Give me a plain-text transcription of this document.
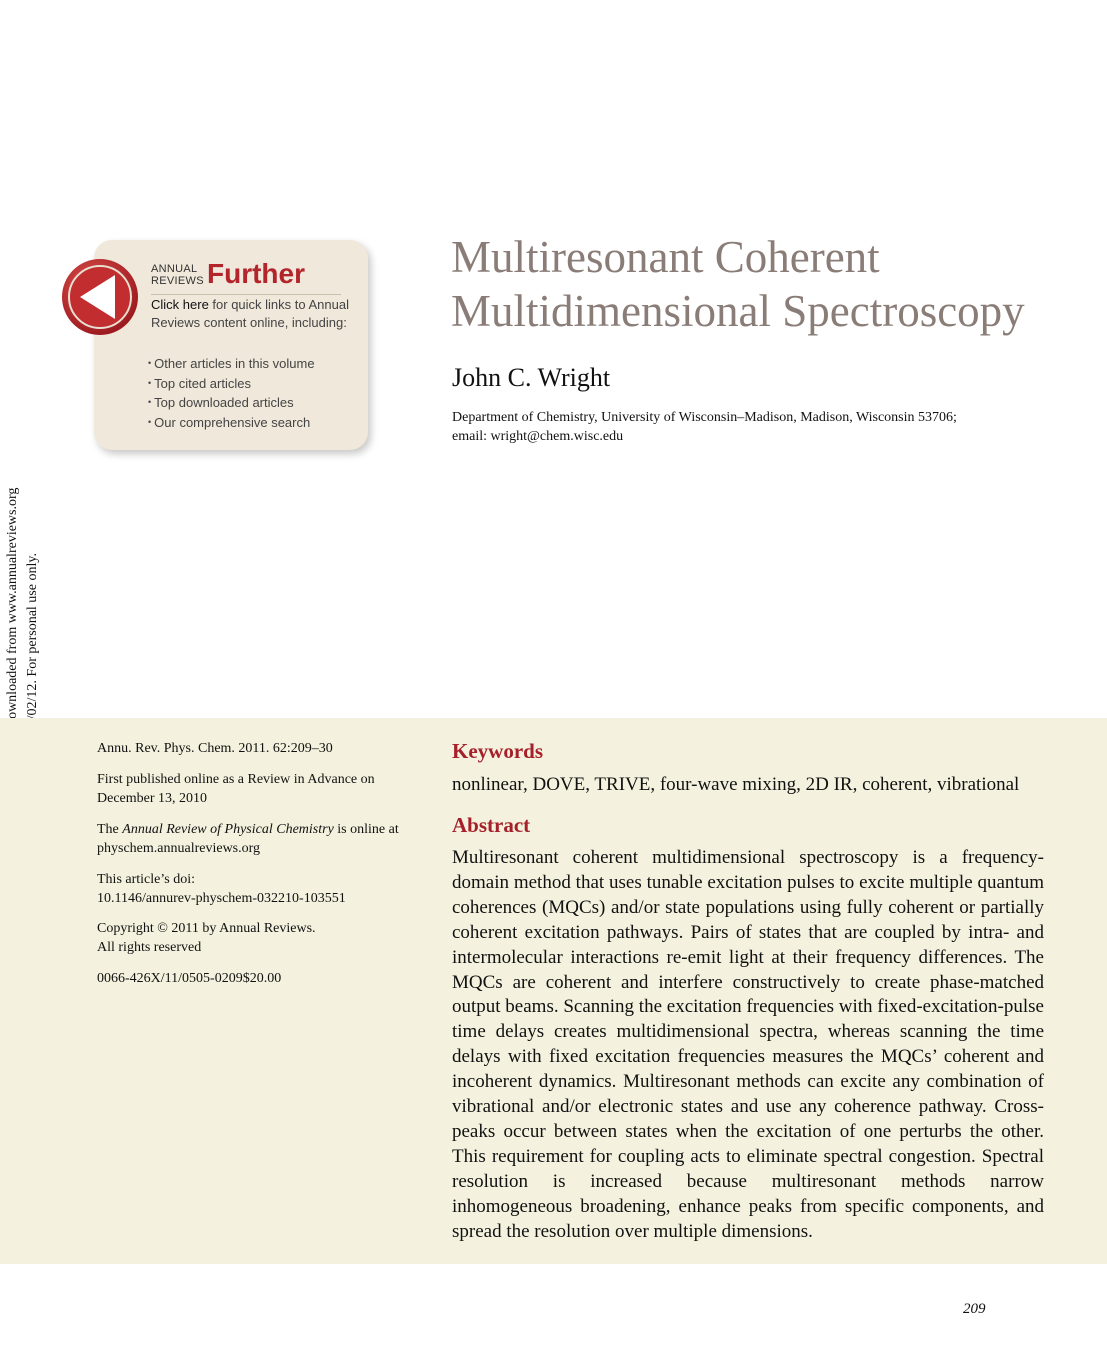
ANNUAL
REVIEWS Further
Click here for quick links to Annual Reviews content online, including:
• Other articles in this volume
• Top cited articles
• Top downloaded articles
• Our comprehensive search
Multiresonant Coherent Multidimensional Spectroscopy
John C. Wright
Department of Chemistry, University of Wisconsin–Madison, Madison, Wisconsin 53706;
email: wright@chem.wisc.edu
Annu. Rev. Phys. Chem. 2011. 62:209–30
First published online as a Review in Advance on December 13, 2010
The Annual Review of Physical Chemistry is online at physchem.annualreviews.org
This article’s doi:
10.1146/annurev-physchem-032210-103551
Copyright © 2011 by Annual Reviews.
All rights reserved
0066-426X/11/0505-0209$20.00
Keywords
nonlinear, DOVE, TRIVE, four-wave mixing, 2D IR, coherent, vibrational
Abstract

Multiresonant coherent multidimensional spectroscopy is a frequency-domain method that uses tunable excitation pulses to excite multiple quantum coherences (MQCs) and/or state populations using fully coherent or partially coherent excitation pathways. Pairs of states that are coupled by intra- and intermolecular interactions re-emit light at their frequency differences. The MQCs are coherent and interfere constructively to create phase-matched output beams. Scanning the excitation frequencies with fixed-excitation-pulse time delays creates multidimensional spectra, whereas scanning the time delays with fixed excitation frequencies measures the MQCs’ coherent and incoherent dynamics. Multiresonant methods can excite any combination of vibrational and/or electronic states and use any coherence pathway. Cross-peaks occur between states when the excitation of one perturbs the other. This requirement for coupling acts to eliminate spectral congestion. Spectral resolution is increased because multiresonant methods narrow inhomogeneous broadening, enhance peaks from specific components, and spread the resolution over multiple dimensions.

209
